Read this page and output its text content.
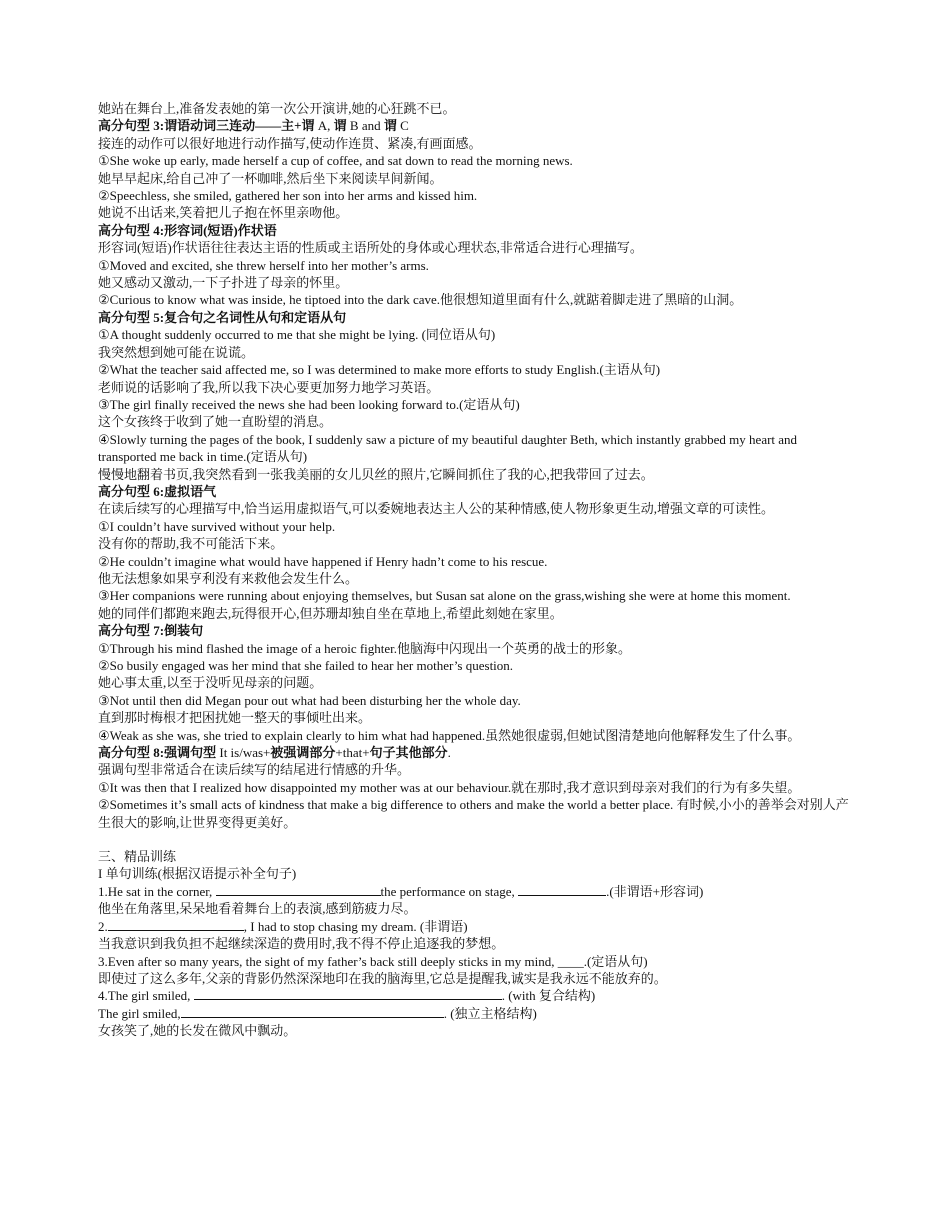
她站在舞台上,准备发表她的第一次公开演讲,她的心狂跳不已。

高分句型 3:谓语动词三连动——主+谓 A, 谓 B and 谓 C

接连的动作可以很好地进行动作描写,使动作连贯、紧凑,有画面感。

①She woke up early, made herself a cup of coffee, and sat down to read the morning news.

她早早起床,给自己冲了一杯咖啡,然后坐下来阅读早间新闻。

②Speechless, she smiled, gathered her son into her arms and kissed him.

她说不出话来,笑着把儿子抱在怀里亲吻他。

高分句型 4:形容词(短语)作状语

形容词(短语)作状语往往表达主语的性质或主语所处的身体或心理状态,非常适合进行心理描写。

①Moved and excited, she threw herself into her mother’s arms.

她又感动又激动,一下子扑进了母亲的怀里。

②Curious to know what was inside, he tiptoed into the dark cave.他很想知道里面有什么,就踮着脚走进了黑暗的山洞。

高分句型 5:复合句之名词性从句和定语从句

①A thought suddenly occurred to me that she might be lying. (同位语从句)

我突然想到她可能在说谎。

②What the teacher said affected me, so I was determined to make more efforts to study English.(主语从句)

老师说的话影响了我,所以我下决心要更加努力地学习英语。

③The girl finally received the news she had been looking forward to.(定语从句)

这个女孩终于收到了她一直盼望的消息。

④Slowly turning the pages of the book, I suddenly saw a picture of my beautiful daughter Beth, which instantly grabbed my heart and transported me back in time.(定语从句)

慢慢地翻着书页,我突然看到一张我美丽的女儿贝丝的照片,它瞬间抓住了我的心,把我带回了过去。

高分句型 6:虚拟语气

在读后续写的心理描写中,恰当运用虚拟语气,可以委婉地表达主人公的某种情感,使人物形象更生动,增强文章的可读性。

①I couldn’t have survived without your help.

没有你的帮助,我不可能活下来。

②He couldn’t imagine what would have happened if Henry hadn’t come to his rescue.

他无法想象如果亨利没有来救他会发生什么。

③Her companions were running about enjoying themselves, but Susan sat alone on the grass,wishing she were at home this moment.

她的同伴们都跑来跑去,玩得很开心,但苏珊却独自坐在草地上,希望此刻她在家里。

高分句型 7:倒装句

①Through his mind flashed the image of a heroic fighter.他脑海中闪现出一个英勇的战士的形象。

②So busily engaged was her mind that she failed to hear her mother’s question.

她心事太重,以至于没听见母亲的问题。

③Not until then did Megan pour out what had been disturbing her the whole day.

直到那时梅根才把困扰她一整天的事倾吐出来。

④Weak as she was, she tried to explain clearly to him what had happened.虽然她很虚弱,但她试图清楚地向他解释发生了什么事。

高分句型 8:强调句型 It is/was+被强调部分+that+句子其他部分.

强调句型非常适合在读后续写的结尾进行情感的升华。

①It was then that I realized how disappointed my mother was at our behaviour.就在那时,我才意识到母亲对我们的行为有多失望。

②Sometimes it’s small acts of kindness that make a big difference to others and make the world a better place. 有时候,小小的善举会对别人产生很大的影响,让世界变得更美好。

三、精品训练

I 单句训练(根据汉语提示补全句子)

1.He sat in the corner,	the performance on stage,	.(非谓语+形容词)

他坐在角落里,呆呆地看着舞台上的表演,感到筋疲力尽。

2.	, I had to stop chasing my dream. (非谓语)

当我意识到我负担不起继续深造的费用时,我不得不停止追逐我的梦想。

3.Even after so many years, the sight of my father’s back still deeply sticks in my mind, ____.(定语从句)

即使过了这么多年,父亲的背影仍然深深地印在我的脑海里,它总是提醒我,诚实是我永远不能放弃的。

4.The girl smiled,	. (with 复合结构)

The girl smiled,	. (独立主格结构)

女孩笑了,她的长发在微风中飘动。
